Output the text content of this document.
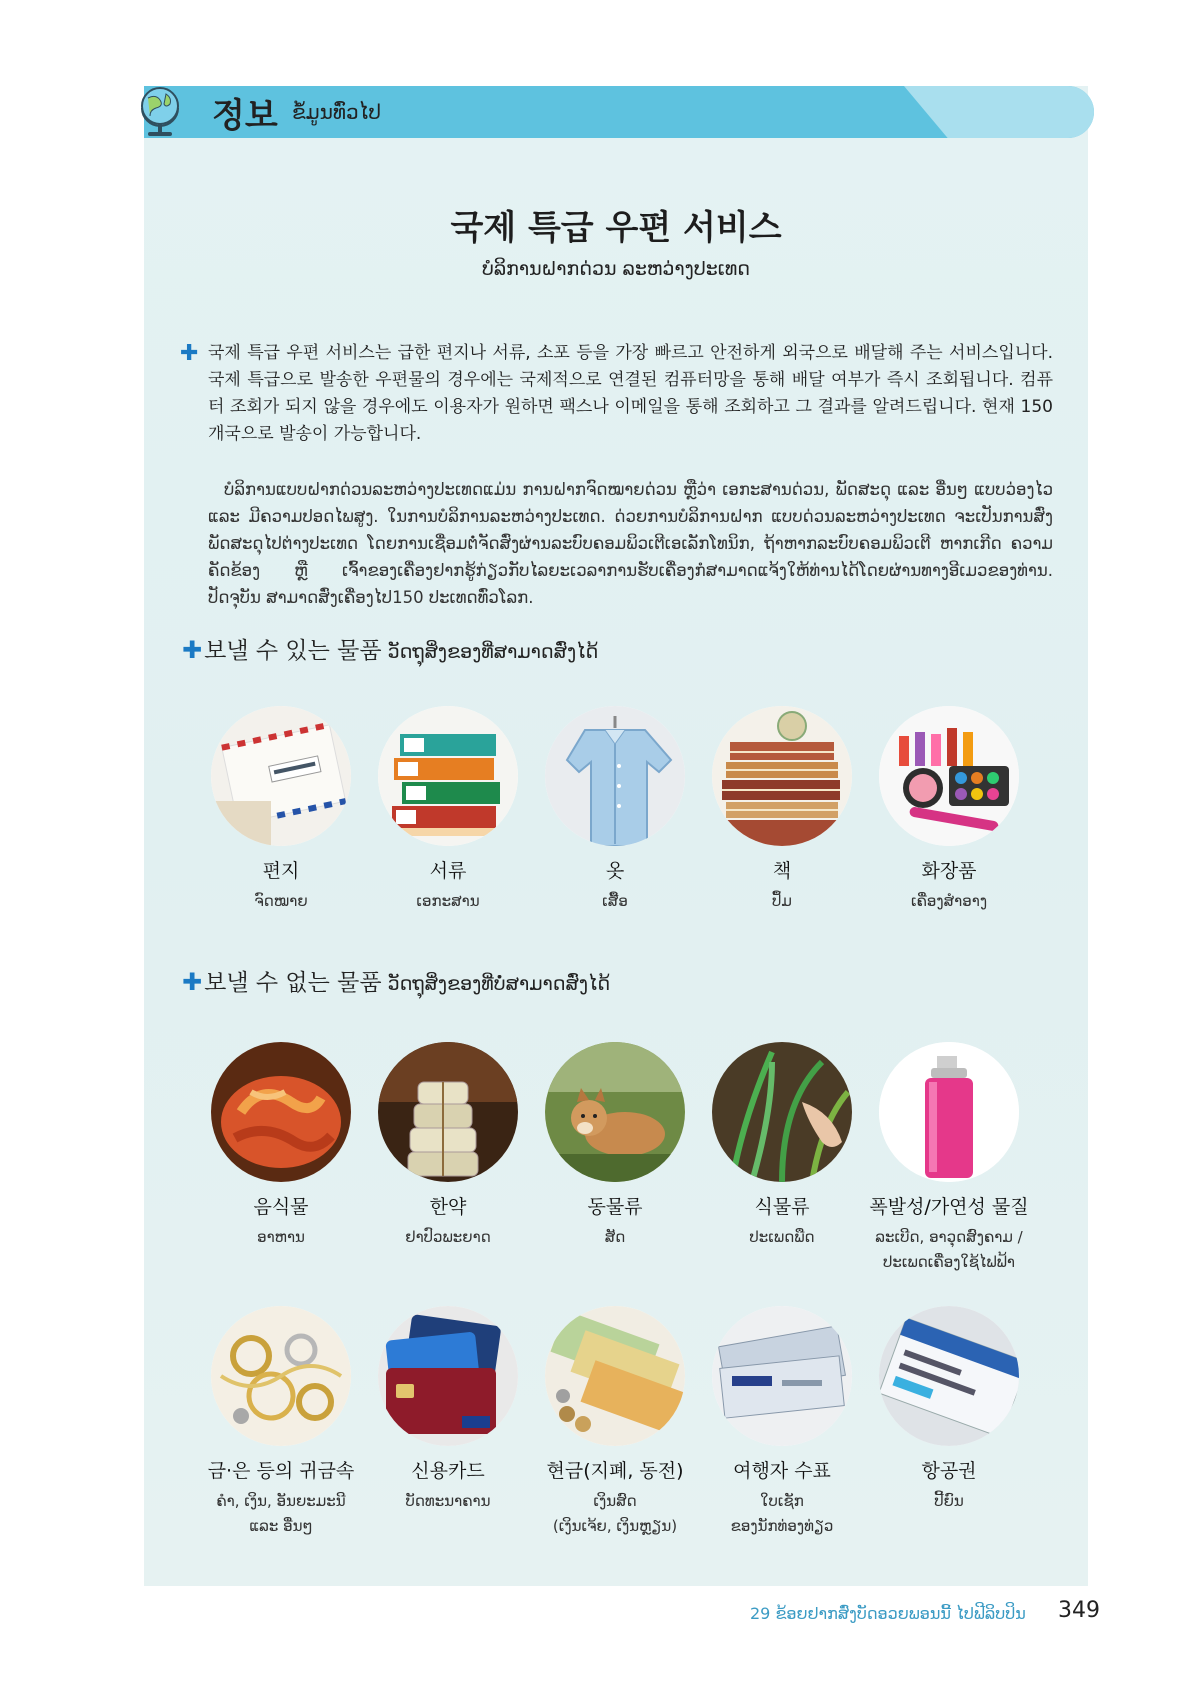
정보 ຂໍ້ມູນທົ່ວໄປ
국제 특급 우편 서비스
ບໍລິການຝາກດ່ວນ ລະຫວ່າງປະເທດ
✚ 국제 특급 우편 서비스는 급한 편지나 서류, 소포 등을 가장 빠르고 안전하게 외국으로 배달해 주는 서비스입니다. 국제 특급으로 발송한 우편물의 경우에는 국제적으로 연결된 컴퓨터망을 통해 배달 여부가 즉시 조회됩니다. 컴퓨터 조회가 되지 않을 경우에도 이용자가 원하면 팩스나 이메일을 통해 조회하고 그 결과를 알려드립니다. 현재 150개국으로 발송이 가능합니다.
ບໍລິການແບບຝາກດ່ວນລະຫວ່າງປະເທດແມ່ນ ການຝາກຈົດໝາຍດ່ວນ ຫຼືວ່າ ເອກະສານດ່ວນ, ພັດສະດຸ ແລະ ອື່ນໆ ແບບວ່ອງໄວ ແລະ ມີຄວາມປອດໄພສູງ. ໃນການບໍລິການລະຫວ່າງປະເທດ. ດ່ວຍການບໍລິການຝາກ ແບບດ່ວນລະຫວ່າງປະເທດ ຈະເປັນການສົ່ງພັດສະດຸໄປຕ່າງປະເທດ ໂດຍການເຊື່ອມຕໍ່ຈັດສົ່ງຜ່ານລະບົບຄອມພິວເຕີເອເລັກໂທນິກ, ຖ້າຫາກລະບົບຄອມພິວເຕີ ຫາກເກີດ ຄວາມຄັດຂ້ອງ ຫຼື ເຈົ້າຂອງເຄື່ອງຢາກຮູ້ກ່ຽວກັບໄລຍະເວລາການຮັບເຄື່ອງກໍສາມາດແຈ້ງໃຫ້ທ່ານໄດ້ໂດຍຜ່ານທາງອີເມວຂອງທ່ານ. ປັດຈຸບັນ ສາມາດສົ່ງເຄື່ອງໄປ150 ປະເທດທົ່ວໂລກ.
✚보낼 수 있는 물품 ວັດຖຸສິ່ງຂອງທີ່ສາມາດສົ່ງໄດ້
편지
ຈົດໝາຍ
서류
ເອກະສານ
옷
ເສື້ອ
책
ປຶ້ມ
화장품
ເຄື່ອງສຳອາງ
✚보낼 수 없는 물품 ວັດຖຸສິ່ງຂອງທີ່ບໍ່ສາມາດສົ່ງໄດ້
음식물
ອາຫານ
한약
ຢາປົວພະຍາດ
동물류
ສັດ
식물류
ປະເພດພືດ
폭발성/가연성 물질
ລະເບີດ, ອາວຸດສົງຄາມ /
ປະເພດເຄື່ອງໃຊ້ໄຟຟ້າ
금·은 등의 귀금속
ຄຳ, ເງິນ, ອັນຍະມະນີ
ແລະ ອື່ນໆ
신용카드
ບັດທະນາຄານ
현금(지폐, 동전)
ເງິນສົດ
(ເງິນເຈ້ຍ, ເງິນຫຼຽນ)
여행자 수표
ໃບເຊັກ
ຂອງນັກທ່ອງທ່ຽວ
항공권
ປີ້ຍົນ
29 ຂ້ອຍຢາກສົ່ງບັດອວຍພອນນີ້ ໄປຟີລິບປິນ 349
